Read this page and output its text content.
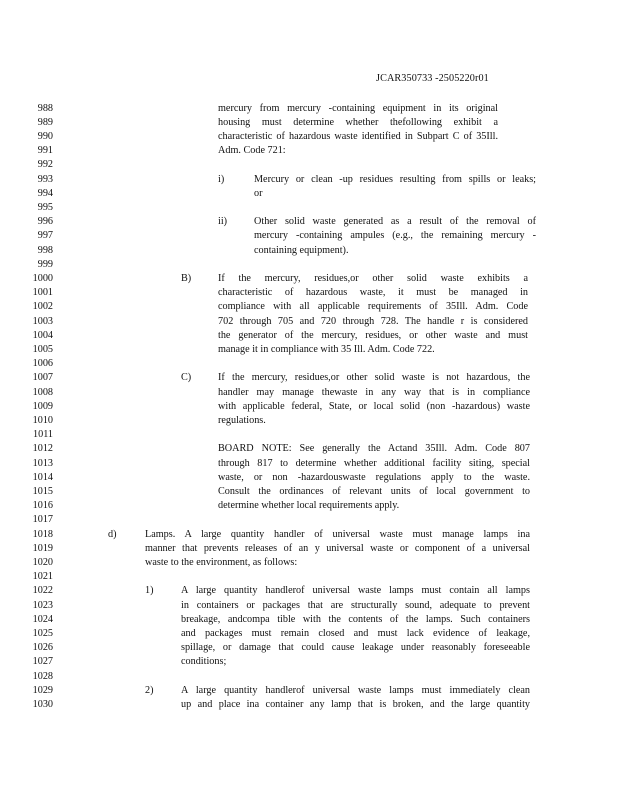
JCAR350733 -2505220r01
988
989
990
991
992
993
994
995
996
997
998
999
1000
1001
1002
1003
1004
1005
1006
1007
1008
1009
1010
1011
1012
1013
1014
1015
1016
1017
1018
1019
1020
1021
1022
1023
1024
1025
1026
1027
1028
1029
1030
mercury from mercury -containing equipment in its original
housing must determine whether thefollowing exhibit a
characteristic of hazardous waste identified in Subpart C of 35Ill.
Adm. Code 721:
i)	Mercury or clean -up residues resulting from spills or leaks;
or
ii)	Other solid waste generated as a result of the removal of
mercury -containing ampules (e.g., the remaining mercury -
containing equipment).
B)	If the mercury, residues,or other solid waste exhibits a
characteristic of hazardous waste, it must be managed in
compliance with all applicable requirements of 35Ill. Adm. Code
702 through 705 and 720 through 728. The handle r is considered
the generator of the mercury, residues, or other waste and must
manage it in compliance with 35 Ill. Adm. Code 722.
C)	If the mercury, residues,or other solid waste is not hazardous, the
handler may manage thewaste in any way that is in compliance
with applicable federal, State, or local solid (non -hazardous) waste
regulations.
BOARD NOTE: See generally the Actand 35Ill. Adm. Code 807
through 817 to determine whether additional facility siting, special
waste, or non -hazardouswaste regulations apply to the waste.
Consult the ordinances of relevant units of local government to
determine whether local requirements apply.
d)	Lamps. A large quantity handler of universal waste must manage lamps ina
manner that prevents releases of an y universal waste or component of a universal
waste to the environment, as follows:
1)	A large quantity handlerof universal waste lamps must contain all lamps
in containers or packages that are structurally sound, adequate to prevent
breakage, andcompa tible with the contents of the lamps. Such containers
and packages must remain closed and must lack evidence of leakage,
spillage, or damage that could cause leakage under reasonably foreseeable
conditions;
2)	A large quantity handlerof universal waste lamps must immediately clean
up and place ina container any lamp that is broken, and the large quantity
